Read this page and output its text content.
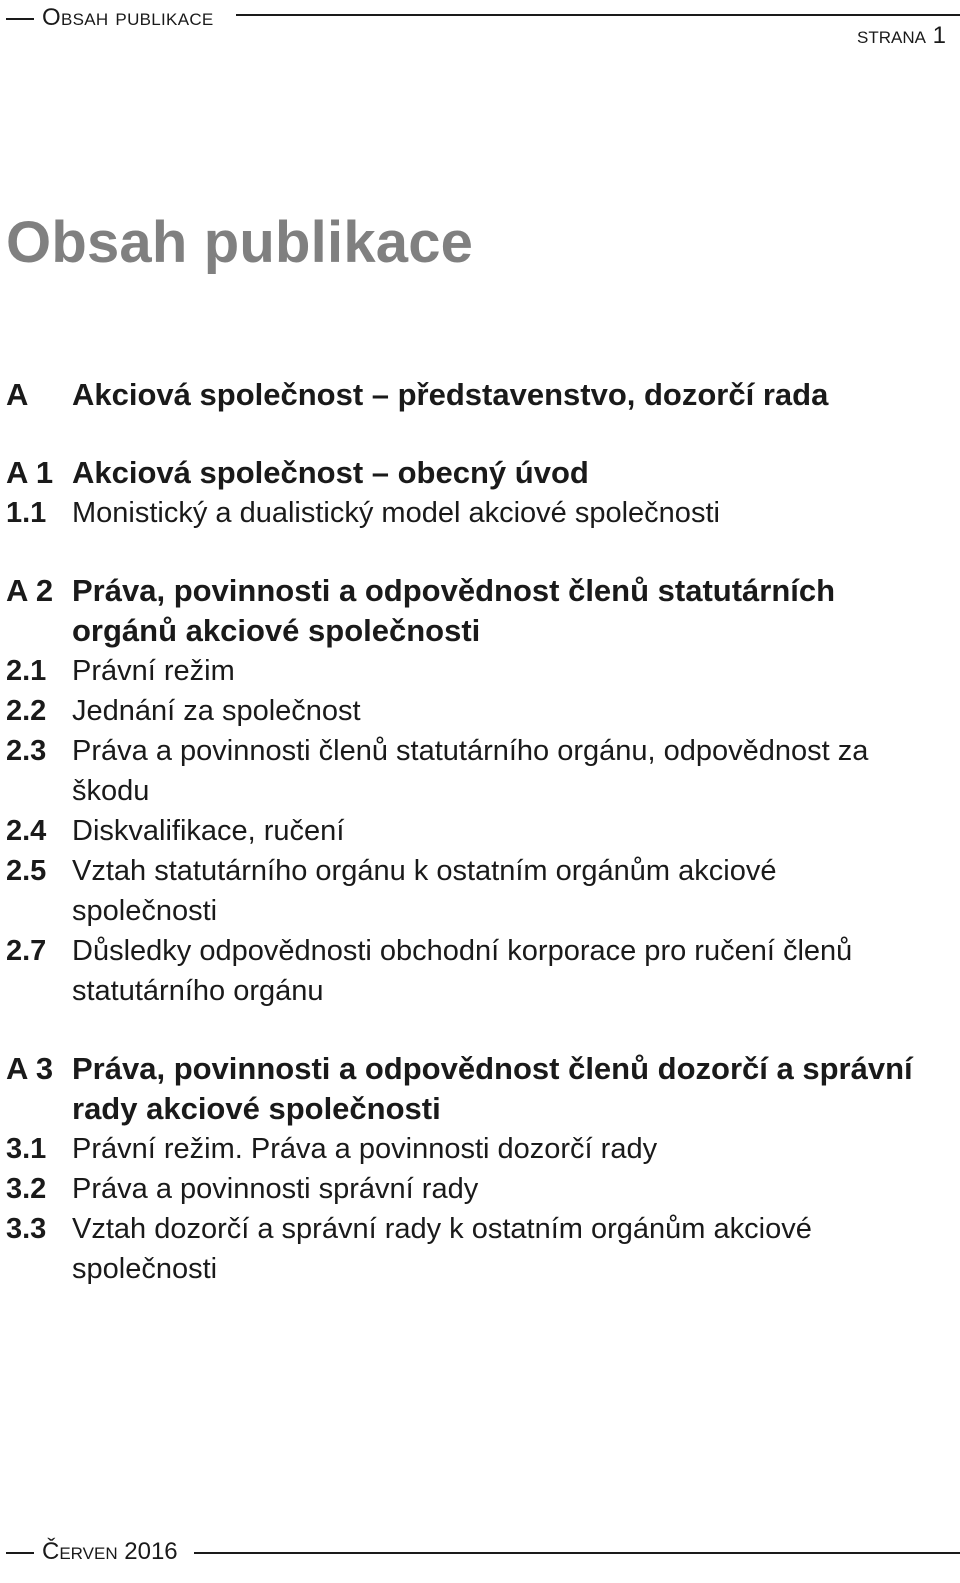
Obsah publikace
strana 1
Obsah publikace
A	Akciová společnost – představenstvo, dozorčí rada
A 1 Akciová společnost – obecný úvod
1.1 Monistický a dualistický model akciové společnosti
A 2 Práva, povinnosti a odpovědnost členů statutárních orgánů akciové společnosti
2.1 Právní režim
2.2 Jednání za společnost
2.3 Práva a povinnosti členů statutárního orgánu, odpovědnost za škodu
2.4 Diskvalifikace, ručení
2.5 Vztah statutárního orgánu k ostatním orgánům akciové společnosti
2.7 Důsledky odpovědnosti obchodní korporace pro ručení členů statutárního orgánu
A 3 Práva, povinnosti a odpovědnost členů dozorčí a správní rady akciové společnosti
3.1 Právní režim. Práva a povinnosti dozorčí rady
3.2 Práva a povinnosti správní rady
3.3 Vztah dozorčí a správní rady k ostatním orgánům akciové společnosti
Červen 2016
